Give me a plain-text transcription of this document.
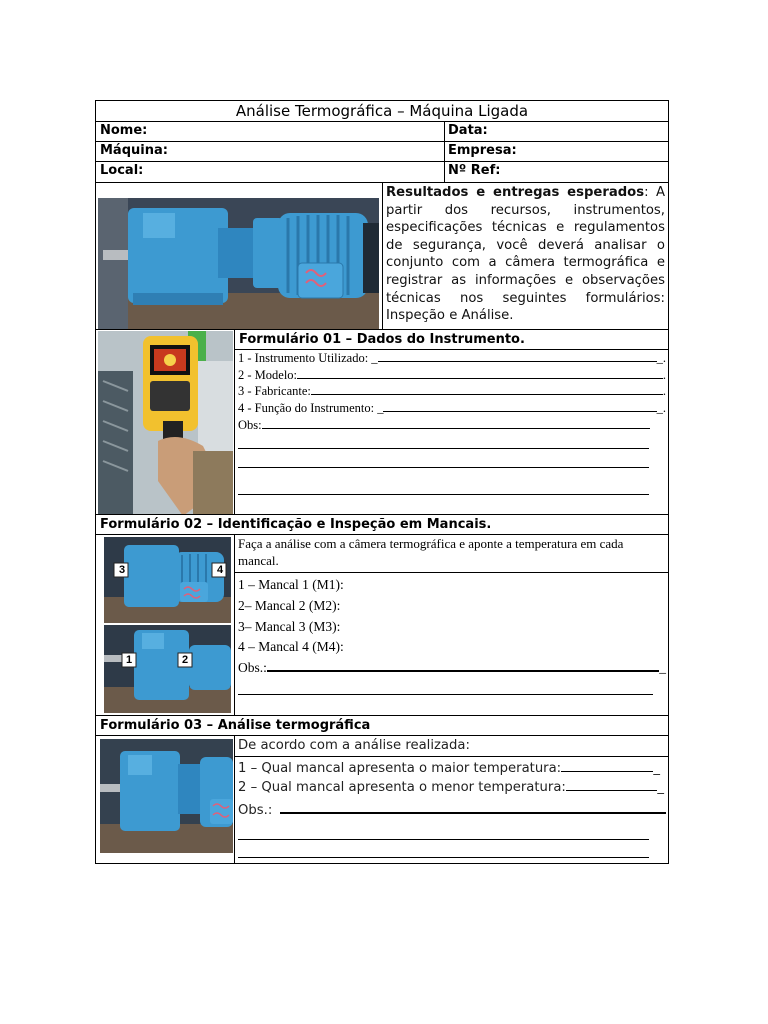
Análise Termográfica – Máquina Ligada
Nome:	Data:
Máquina:	Empresa:
Local:	Nº Ref:
Resultados e entregas esperados: A partir dos recursos, instrumentos, especificações técnicas e regulamentos de segurança, você deverá analisar o conjunto com a câmera termográfica e registrar as informações e observações técnicas nos seguintes formulários: Inspeção e Análise.
Formulário 01 – Dados do Instrumento.
1 - Instrumento Utilizado: _	_.
2 - Modelo:	.
3 - Fabricante:	.
4 - Função do Instrumento: _	_.
Obs:
Formulário 02 – Identificação e Inspeção em Mancais.
3	4
1	2
Faça a análise com a câmera termográfica e aponte a temperatura em cada mancal.
1 – Mancal 1 (M1):
2– Mancal 2 (M2):
3– Mancal 3 (M3):
4 – Mancal 4 (M4):
Obs.:	_
Formulário 03 – Análise termográfica
De acordo com a análise realizada:
1 – Qual mancal apresenta o maior temperatura:	_
2 – Qual mancal apresenta o menor temperatura:	_
Obs.:
